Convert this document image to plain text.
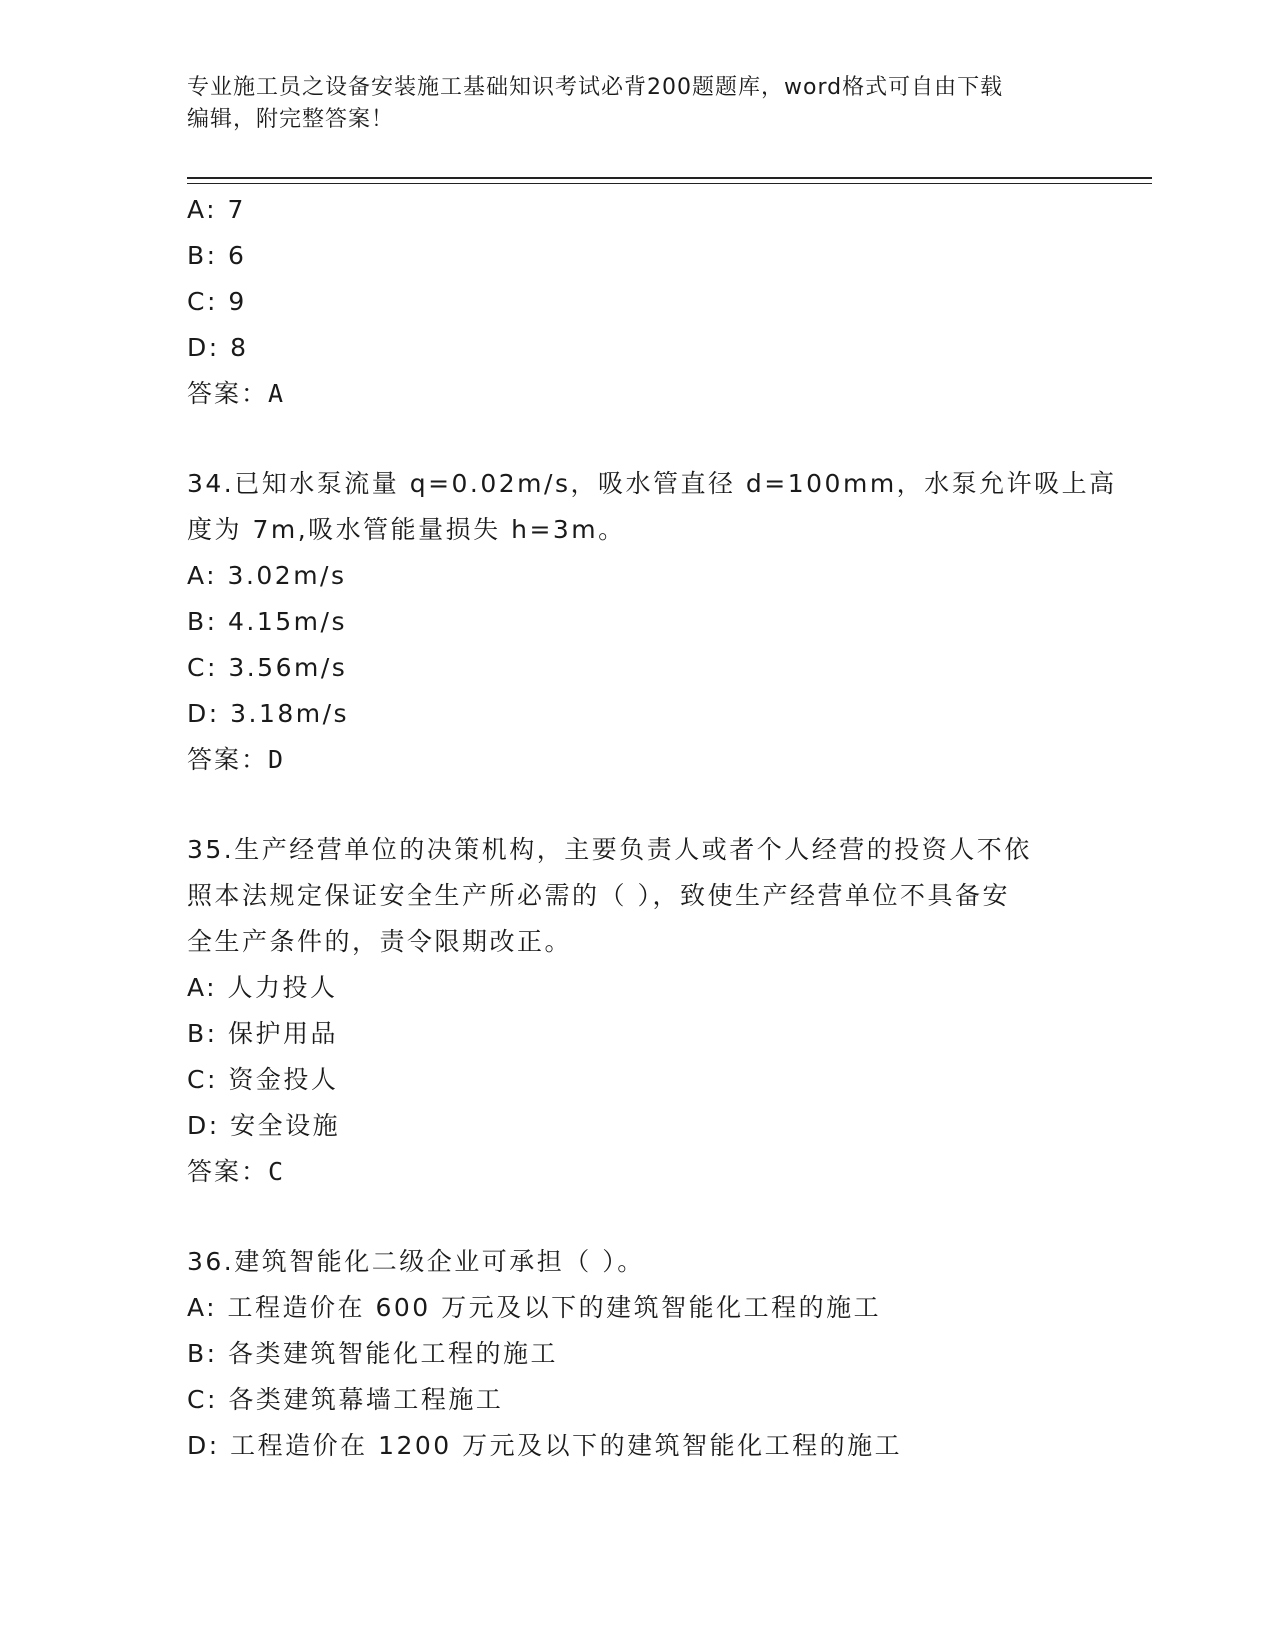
专业施工员之设备安装施工基础知识考试必背200题题库，word格式可自由下载
编辑，附完整答案！
A: 7
B: 6
C: 9
D: 8
答案：A
34.已知水泵流量 q=0.02m/s，吸水管直径 d=100mm，水泵允许吸上高
度为 7m,吸水管能量损失 h=3m。
A: 3.02m/s
B: 4.15m/s
C: 3.56m/s
D: 3.18m/s
答案：D
35.生产经营单位的决策机构，主要负责人或者个人经营的投资人不依
照本法规定保证安全生产所必需的（ ），致使生产经营单位不具备安
全生产条件的，责令限期改正。
A: 人力投人
B: 保护用品
C: 资金投人
D: 安全设施
答案：C
36.建筑智能化二级企业可承担（ ）。
A: 工程造价在 600 万元及以下的建筑智能化工程的施工
B: 各类建筑智能化工程的施工
C: 各类建筑幕墙工程施工
D: 工程造价在 1200 万元及以下的建筑智能化工程的施工
